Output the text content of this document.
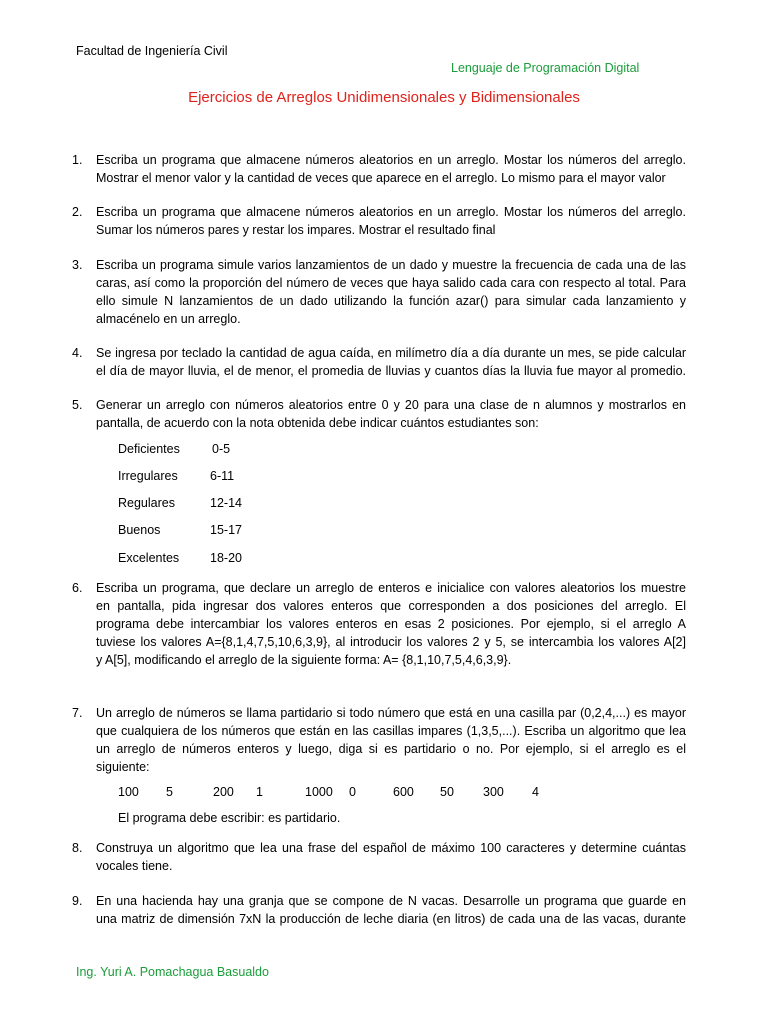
Facultad de Ingeniería Civil
Lenguaje de Programación Digital
Ejercicios de Arreglos Unidimensionales y Bidimensionales
1.	Escriba un programa que almacene números aleatorios en un arreglo. Mostar los números del arreglo.
Mostrar el menor valor y la cantidad de veces que aparece en el arreglo. Lo mismo para el mayor valor
2.	Escriba un programa que almacene números aleatorios en un arreglo. Mostar los números del arreglo.
Sumar los números pares y restar los impares. Mostrar el resultado final
3.	Escriba un programa simule varios lanzamientos de un dado y muestre la frecuencia de cada una de las
caras, así como la proporción del número de veces que haya salido cada cara con respecto al total. Para
ello simule N lanzamientos de un dado utilizando la función azar() para simular cada lanzamiento y
almacénelo en un arreglo.
4.	Se ingresa por teclado la cantidad de agua caída, en milímetro día a día durante un mes, se pide calcular
el día de mayor lluvia, el de menor, el promedia de lluvias y cuantos días la lluvia fue mayor al promedio.
5.	Generar un arreglo con números aleatorios entre 0 y 20 para una clase de n alumnos y mostrarlos en
pantalla, de acuerdo con la nota obtenida debe indicar cuántos estudiantes son:
Deficientes	0-5
Irregulares	6-11
Regulares	12-14
Buenos	15-17
Excelentes 18-20
6.	Escriba un programa, que declare un arreglo de enteros e inicialice con valores aleatorios los muestre
en pantalla, pida ingresar dos valores enteros que corresponden a dos posiciones del arreglo. El
programa debe intercambiar los valores enteros en esas 2 posiciones. Por ejemplo, si el arreglo A
tuviese los valores A={8,1,4,7,5,10,6,3,9}, al introducir los valores 2 y 5, se intercambia los valores A[2]
y A[5], modificando el arreglo de la siguiente forma: A= {8,1,10,7,5,4,6,3,9}.
7.	Un arreglo de números se llama partidario si todo número que está en una casilla par (0,2,4,...) es mayor
que cualquiera de los números que están en las casillas impares (1,3,5,...). Escriba un algoritmo que lea
un arreglo de números enteros y luego, diga si es partidario o no. Por ejemplo, si el arreglo es el
siguiente:
100 5	200 1	1000 0	600 50 300 4
El programa debe escribir: es partidario.
8.	Construya un algoritmo que lea una frase del español de máximo 100 caracteres y determine cuántas
vocales tiene.
9.	En una hacienda hay una granja que se compone de N vacas. Desarrolle un programa que guarde en
una matriz de dimensión 7xN la producción de leche diaria (en litros) de cada una de las vacas, durante
Ing. Yuri A. Pomachagua Basualdo
